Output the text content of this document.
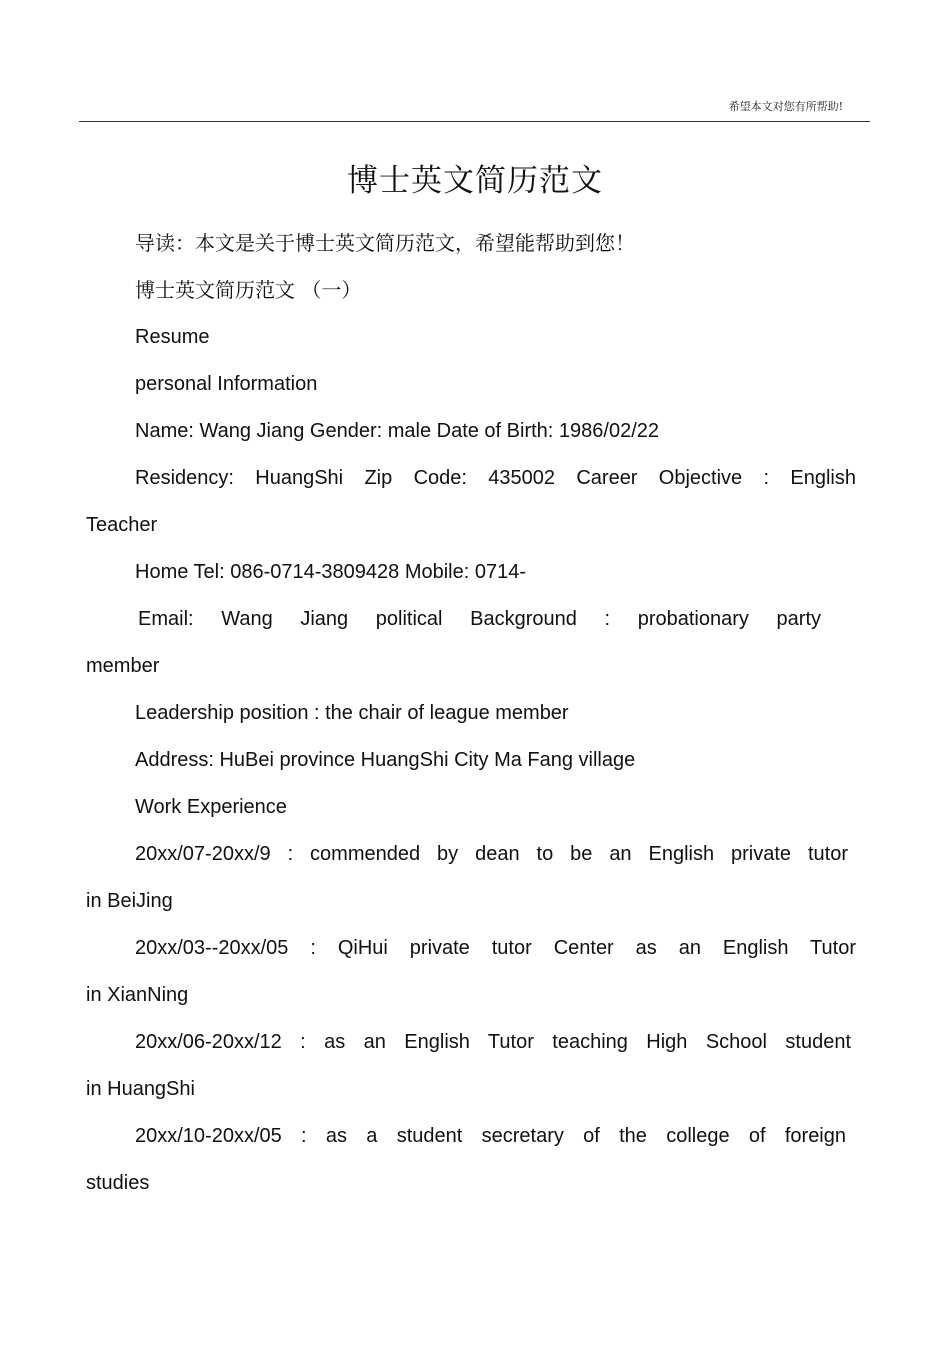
希望本文对您有所帮助!
博士英文简历范文
导读：本文是关于博士英文简历范文，希望能帮助到您！
博士英文简历范文 （一）
Resume
personal Information
Name: Wang Jiang Gender: male Date of Birth: 1986/02/22
Residency: HuangShi Zip Code: 435002 Career Objective : English
Teacher
Home Tel: 086-0714-3809428 Mobile: 0714-
Email: Wang Jiang political Background : probationary party
member
Leadership position : the chair of league member
Address: HuBei province HuangShi City Ma Fang village
Work Experience
20xx/07-20xx/9 : commended by dean to be an English private tutor
in BeiJing
20xx/03--20xx/05 : QiHui private tutor Center as an English Tutor
in XianNing
20xx/06-20xx/12 : as an English Tutor teaching High School student
in HuangShi
20xx/10-20xx/05 : as a student secretary of the college of foreign
studies
